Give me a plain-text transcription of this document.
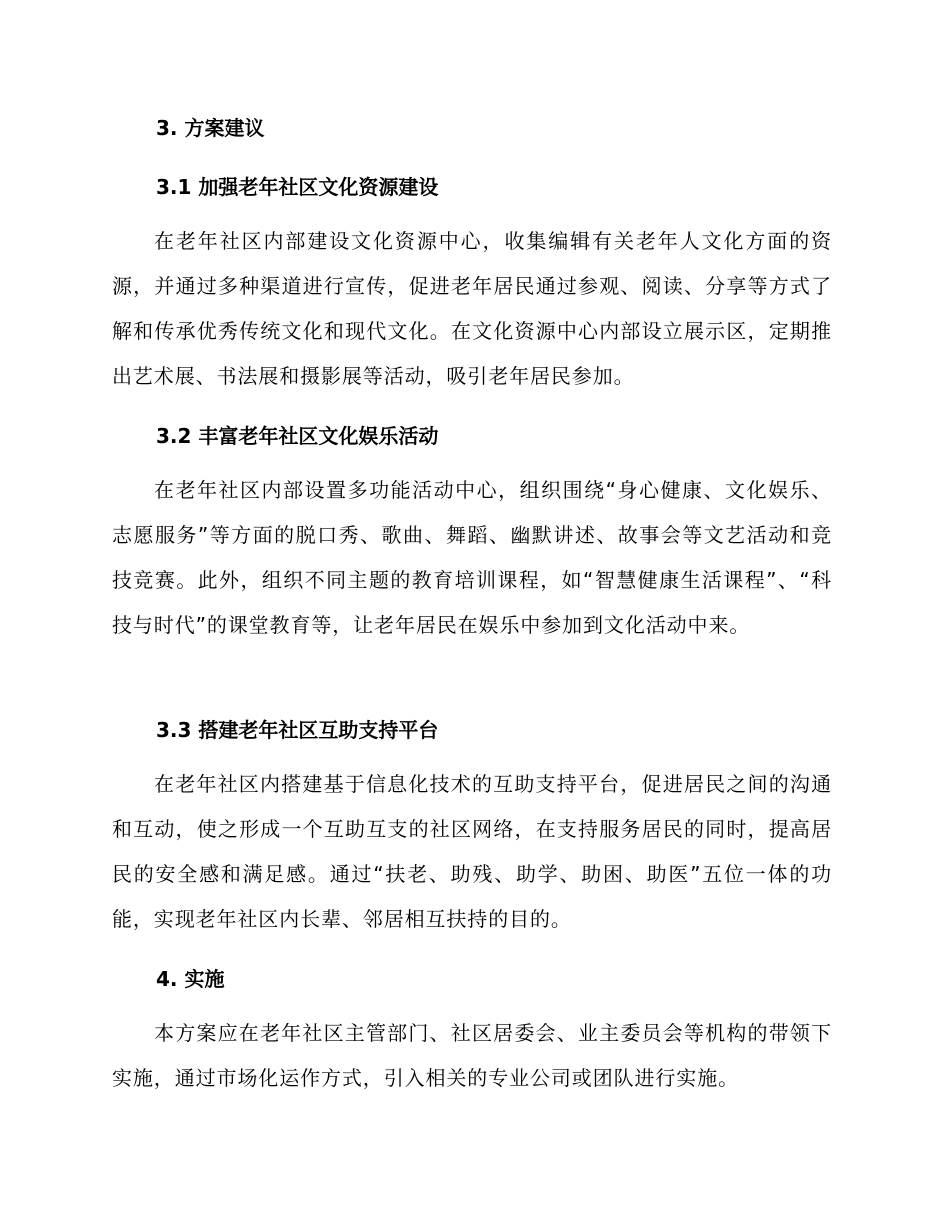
3. 方案建议
3.1 加强老年社区文化资源建设
在老年社区内部建设文化资源中心，收集编辑有关老年人文化方面的资源，并通过多种渠道进行宣传，促进老年居民通过参观、阅读、分享等方式了解和传承优秀传统文化和现代文化。在文化资源中心内部设立展示区，定期推出艺术展、书法展和摄影展等活动，吸引老年居民参加。
3.2 丰富老年社区文化娱乐活动
在老年社区内部设置多功能活动中心，组织围绕“身心健康、文化娱乐、志愿服务”等方面的脱口秀、歌曲、舞蹈、幽默讲述、故事会等文艺活动和竞技竞赛。此外，组织不同主题的教育培训课程，如“智慧健康生活课程”、“科技与时代”的课堂教育等，让老年居民在娱乐中参加到文化活动中来。
3.3 搭建老年社区互助支持平台
在老年社区内搭建基于信息化技术的互助支持平台，促进居民之间的沟通和互动，使之形成一个互助互支的社区网络，在支持服务居民的同时，提高居民的安全感和满足感。通过“扶老、助残、助学、助困、助医”五位一体的功能，实现老年社区内长辈、邻居相互扶持的目的。
4. 实施
本方案应在老年社区主管部门、社区居委会、业主委员会等机构的带领下实施，通过市场化运作方式，引入相关的专业公司或团队进行实施。
